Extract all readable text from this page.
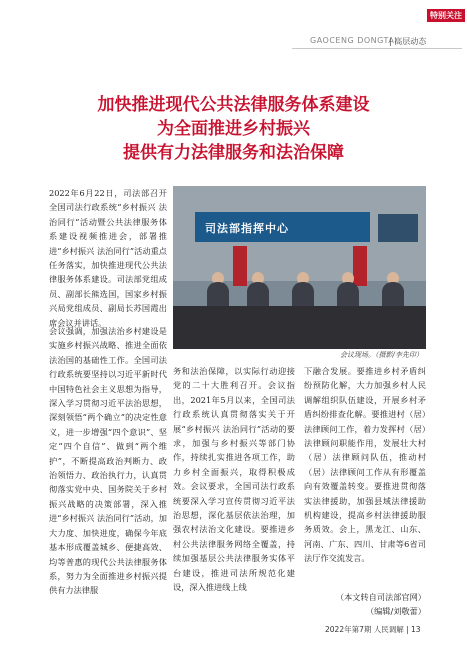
特别关注
GAOCENG DONGTAI
| 高层动态
加快推进现代公共法律服务体系建设
为全面推进乡村振兴
提供有力法律服务和法治保障
2022年6月22日，司法部召开全国司法行政系统“乡村振兴 法治同行”活动暨公共法律服务体系建设视频推进会，部署推进“乡村振兴 法治同行”活动重点任务落实，加快推进现代公共法律服务体系建设。司法部党组成员、副部长熊选国，国家乡村振兴局党组成员、副局长苏国霞出席会议并讲话。
会议强调，加强法治乡村建设是实施乡村振兴战略、推进全面依法治国的基础性工作。全国司法行政系统要坚持以习近平新时代中国特色社会主义思想为指导，深入学习贯彻习近平法治思想，深刻领悟“两个确立”的决定性意义，进一步增强“四个意识”、坚定“四个自信”、做到“两个维护”，不断提高政治判断力、政治领悟力、政治执行力，认真贯彻落实党中央、国务院关于乡村振兴战略的决策部署，深入推进“乡村振兴 法治同行”活动，加大力度、加快进度，确保今年底基本形成覆盖城乡、便捷高效、均等普惠的现代公共法律服务体系，努力为全面推进乡村振兴提供有力法律服
司法部指挥中心
会议现场。（摄影/李先印）
务和法治保障，以实际行动迎接党的二十大胜利召开。会议指出，2021年5月以来，全国司法行政系统认真贯彻落实关于开展“乡村振兴 法治同行”活动的要求，加强与乡村振兴等部门协作，持续扎实推进各项工作，助力乡村全面振兴，取得积极成效。会议要求，全国司法行政系统要深入学习宣传贯彻习近平法治思想，深化基层依法治理，加强农村法治文化建设。要推进乡村公共法律服务网络全覆盖，持续加强基层公共法律服务实体平台建设，推进司法所规范化建设，深入推进线上线
下融合发展。要推进乡村矛盾纠纷预防化解，大力加强乡村人民调解组织队伍建设，开展乡村矛盾纠纷排查化解。要推进村（居）法律顾问工作，着力发挥村（居）法律顾问职能作用，发展壮大村（居）法律顾问队伍，推动村（居）法律顾问工作从有形覆盖向有效覆盖转变。要推进贯彻落实法律援助，加强县域法律援助机构建设，提高乡村法律援助服务质效。会上，黑龙江、山东、河南、广东、四川、甘肃等6省司法厅作交流发言。
（本文转自司法部官网）
（编辑/刘敬蕾）
2022年第7期 人民调解 | 13
